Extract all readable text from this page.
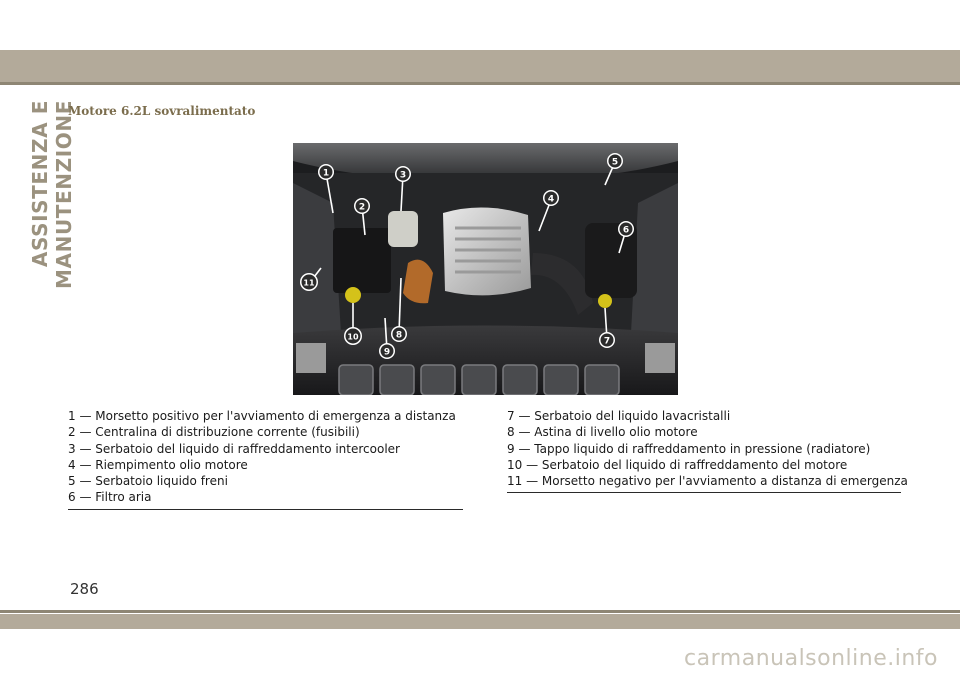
ASSISTENZA E MANUTENZIONE
Motore 6.2L sovralimentato
1
2
3
4
5
6
7
8
9
10
11
1 — Morsetto positivo per l'avviamento di emergenza a distanza
2 — Centralina di distribuzione corrente (fusibili)
3 — Serbatoio del liquido di raffreddamento intercooler
4 — Riempimento olio motore
5 — Serbatoio liquido freni
6 — Filtro aria
7 — Serbatoio del liquido lavacristalli
8 — Astina di livello olio motore
9 — Tappo liquido di raffreddamento in pressione (radiatore)
10 — Serbatoio del liquido di raffreddamento del motore
11 — Morsetto negativo per l'avviamento a distanza di emergenza
286
carmanualsonline.info
